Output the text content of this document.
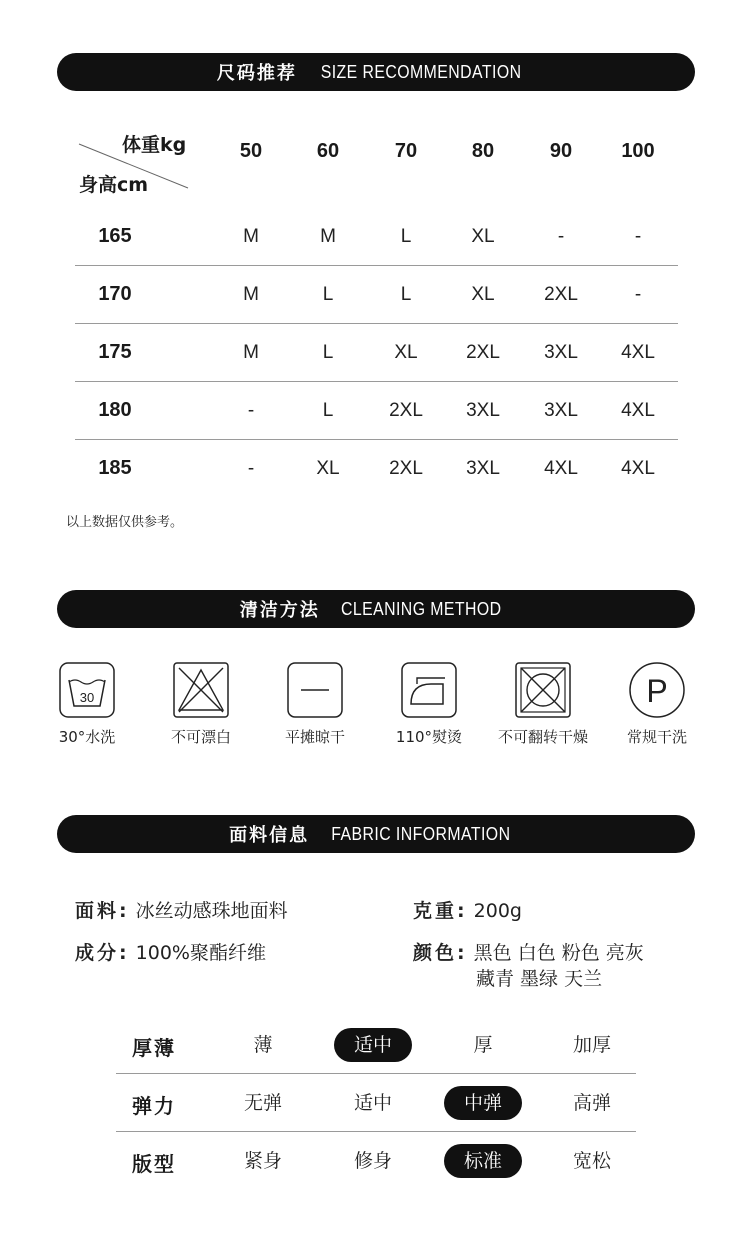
尺码推荐 SIZE RECOMMENDATION
体重kg
身高cm
50	60	70	80	90	100
165	M	M	L	XL	-	-
170	M	L	L	XL	2XL	-
175	M	L	XL	2XL	3XL	4XL
180	-	L	2XL	3XL	3XL	4XL
185	-	XL	2XL	3XL	4XL	4XL
以上数据仅供参考。
清洁方法 CLEANING METHOD
30
30°水洗	不可漂白	平摊晾干	110°熨烫	不可翻转干燥
P
常规干洗
面料信息 FABRIC INFORMATION
面料: 冰丝动感珠地面料	克重: 200g
成分: 100%聚酯纤维	颜色: 黑色 白色 粉色 亮灰
藏青 墨绿 天兰
厚薄	薄	适中	厚	加厚
弹力	无弹	适中	中弹	高弹
版型	紧身	修身	标准	宽松
